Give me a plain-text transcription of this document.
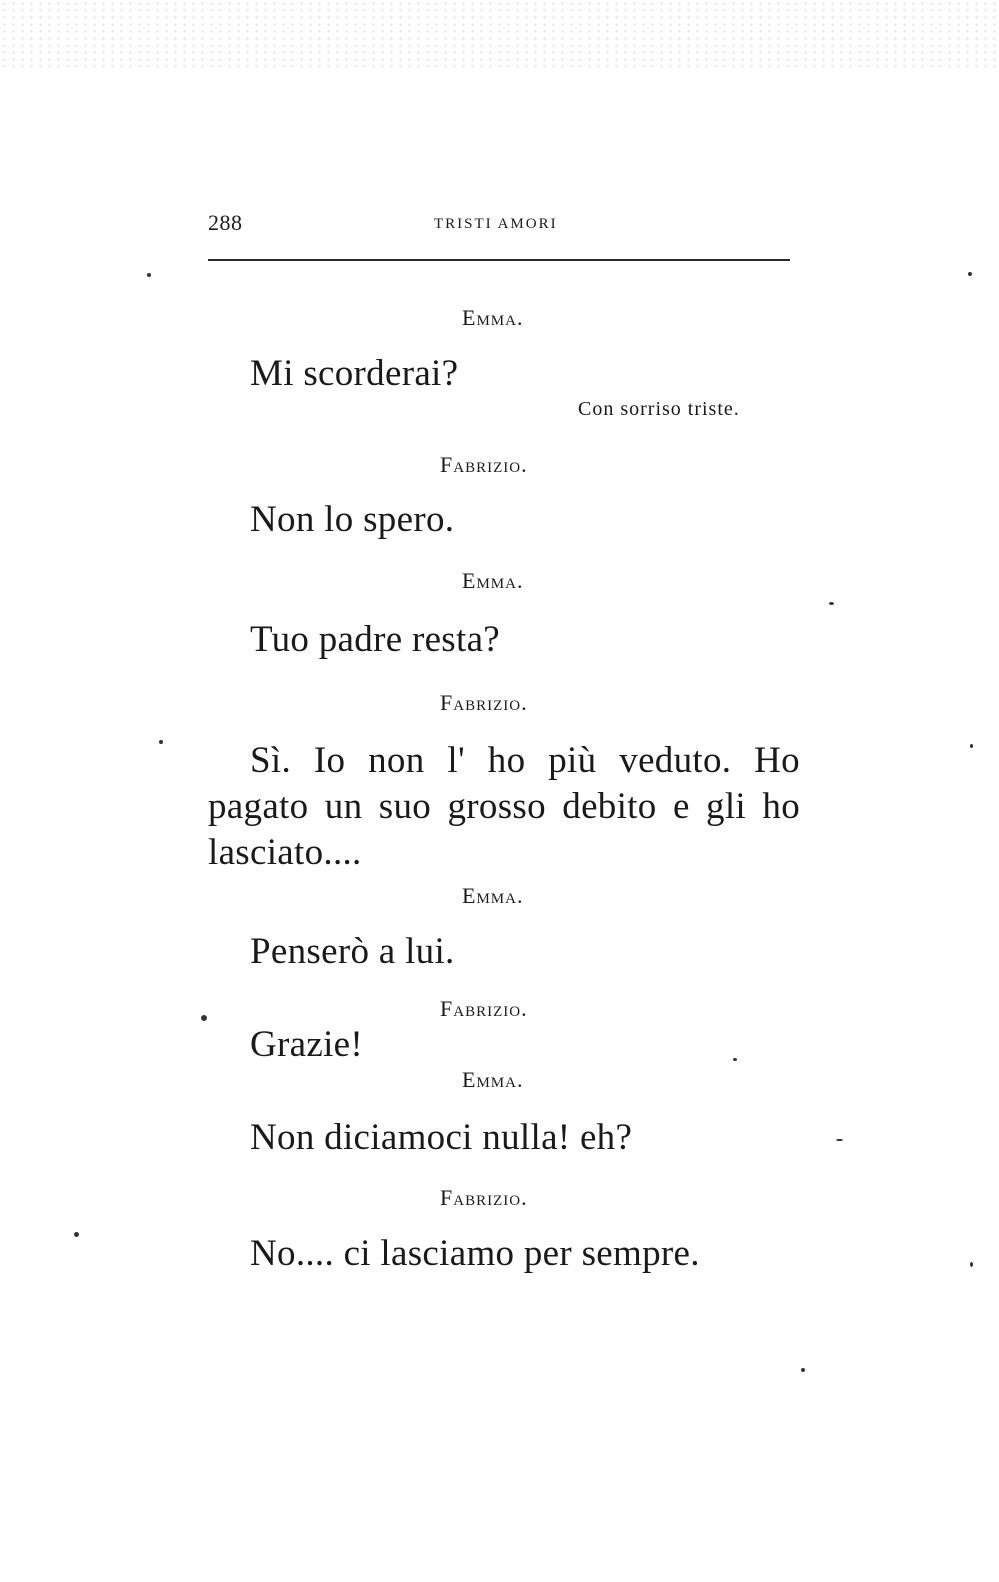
288	TRISTI AMORI
Emma.
Mi scorderai?
Con sorriso triste.
Fabrizio.
Non lo spero.
Emma.
Tuo padre resta?
Fabrizio.
Sì. Io non l' ho più veduto. Ho pagato un suo grosso debito e gli ho lasciato....
Emma.
Penserò a lui.
Fabrizio.
Grazie!
Emma.
Non diciamoci nulla! eh?
Fabrizio.
No.... ci lasciamo per sempre.
